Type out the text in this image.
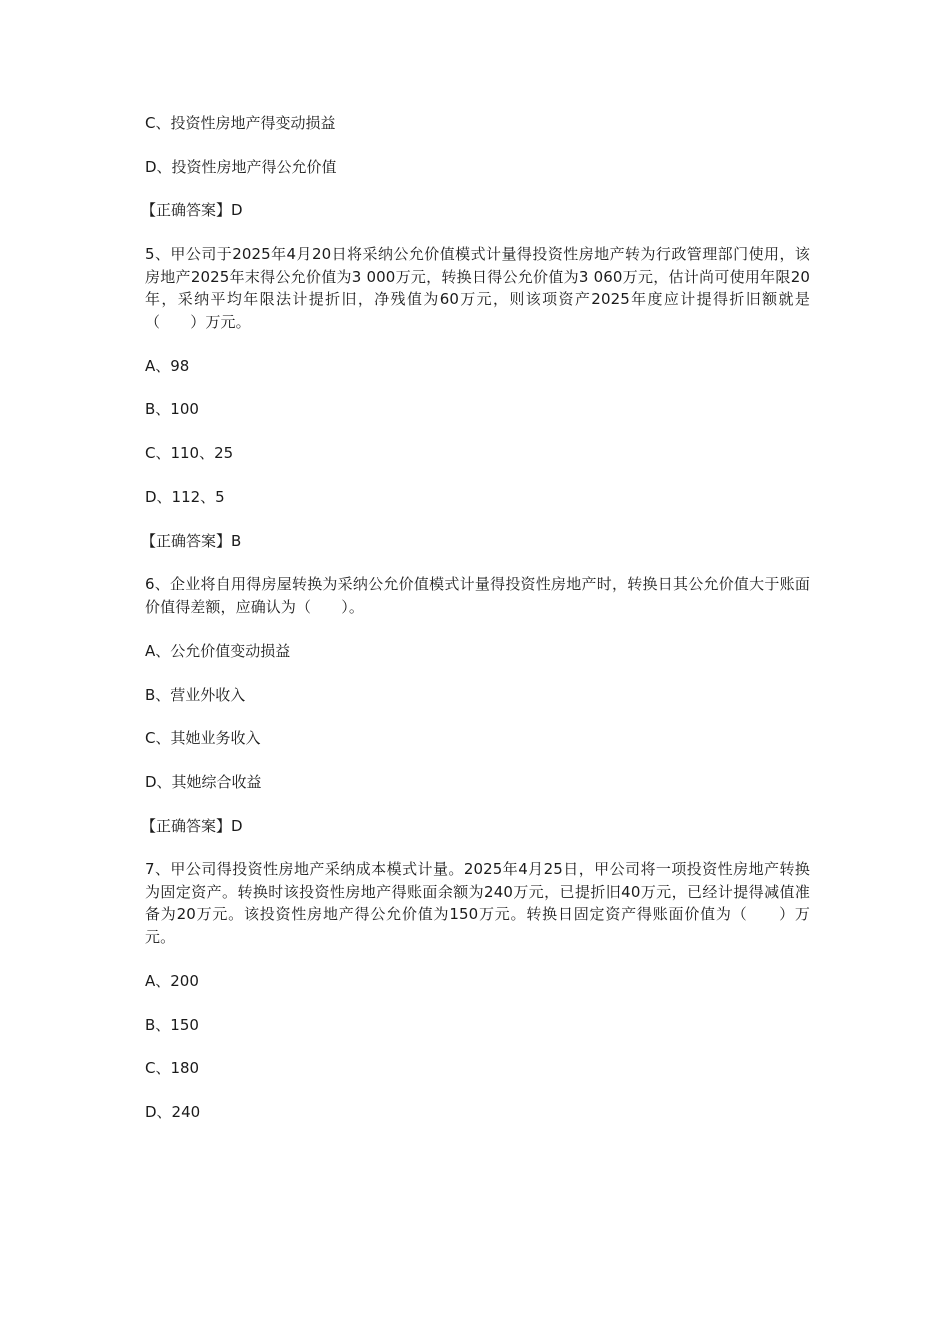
C、投资性房地产得变动损益

D、投资性房地产得公允价值

【正确答案】D

5、甲公司于2025年4月20日将采纳公允价值模式计量得投资性房地产转为行政管理部门使用，该房地产2025年末得公允价值为3 000万元，转换日得公允价值为3 060万元，估计尚可使用年限20年，采纳平均年限法计提折旧，净残值为60万元，则该项资产2025年度应计提得折旧额就是（　　）万元。

A、98

B、100

C、110、25

D、112、5

【正确答案】B

6、企业将自用得房屋转换为采纳公允价值模式计量得投资性房地产时，转换日其公允价值大于账面价值得差额，应确认为（　　）。

A、公允价值变动损益

B、营业外收入

C、其她业务收入

D、其她综合收益

【正确答案】D

7、甲公司得投资性房地产采纳成本模式计量。2025年4月25日，甲公司将一项投资性房地产转换为固定资产。转换时该投资性房地产得账面余额为240万元，已提折旧40万元，已经计提得减值准备为20万元。该投资性房地产得公允价值为150万元。转换日固定资产得账面价值为（　　）万元。

A、200

B、150

C、180

D、240
